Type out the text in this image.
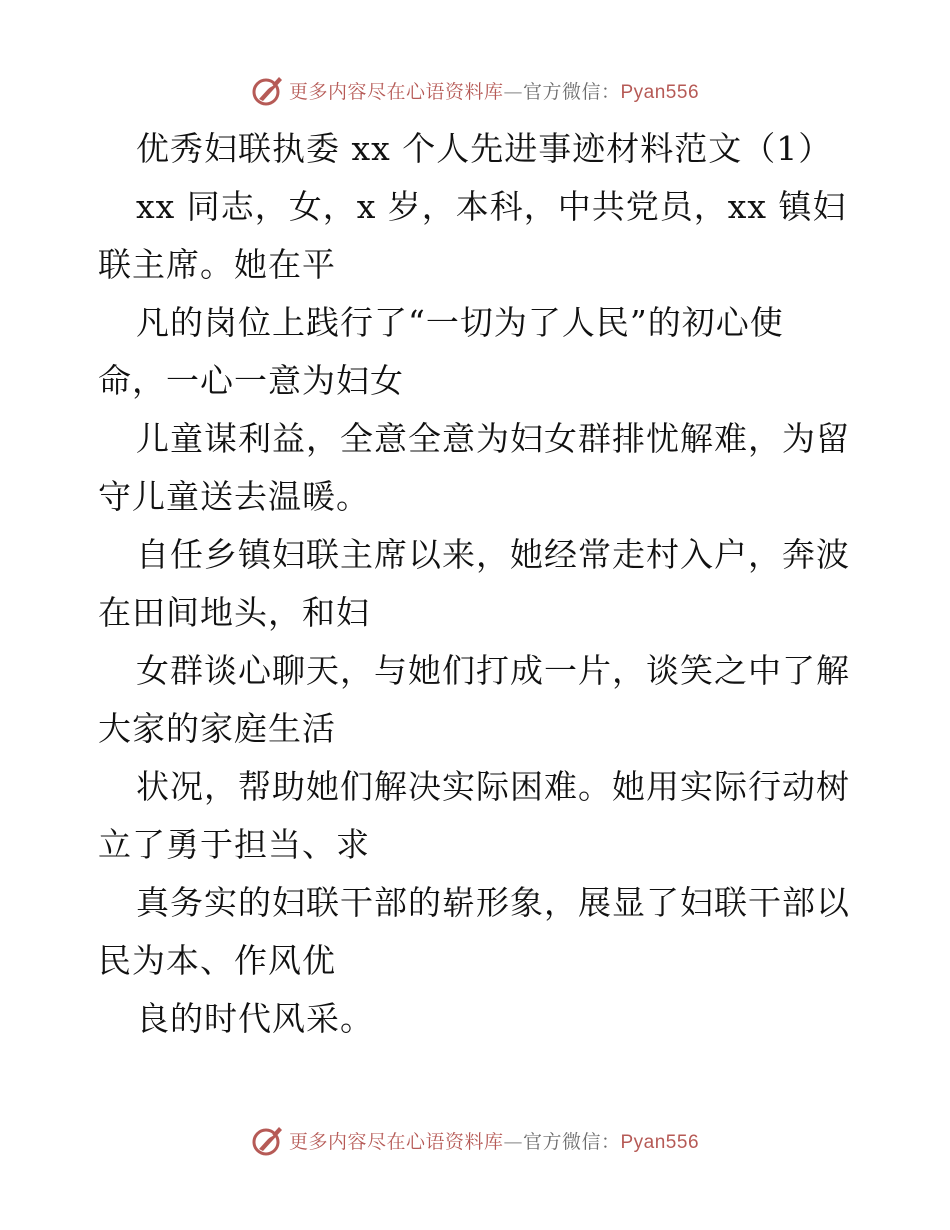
更多内容尽在心语资料库—官方微信：Pyan556
优秀妇联执委 xx 个人先进事迹材料范文（1）
xx 同志，女，x 岁，本科，中共党员，xx 镇妇
联主席。她在平
凡的岗位上践行了“一切为了人民”的初心使
命，一心一意为妇女
儿童谋利益，全意全意为妇女群排忧解难，为留
守儿童送去温暖。
自任乡镇妇联主席以来，她经常走村入户，奔波
在田间地头，和妇
女群谈心聊天，与她们打成一片，谈笑之中了解
大家的家庭生活
状况，帮助她们解决实际困难。她用实际行动树
立了勇于担当、求
真务实的妇联干部的崭形象，展显了妇联干部以
民为本、作风优
良的时代风采。
更多内容尽在心语资料库—官方微信：Pyan556
